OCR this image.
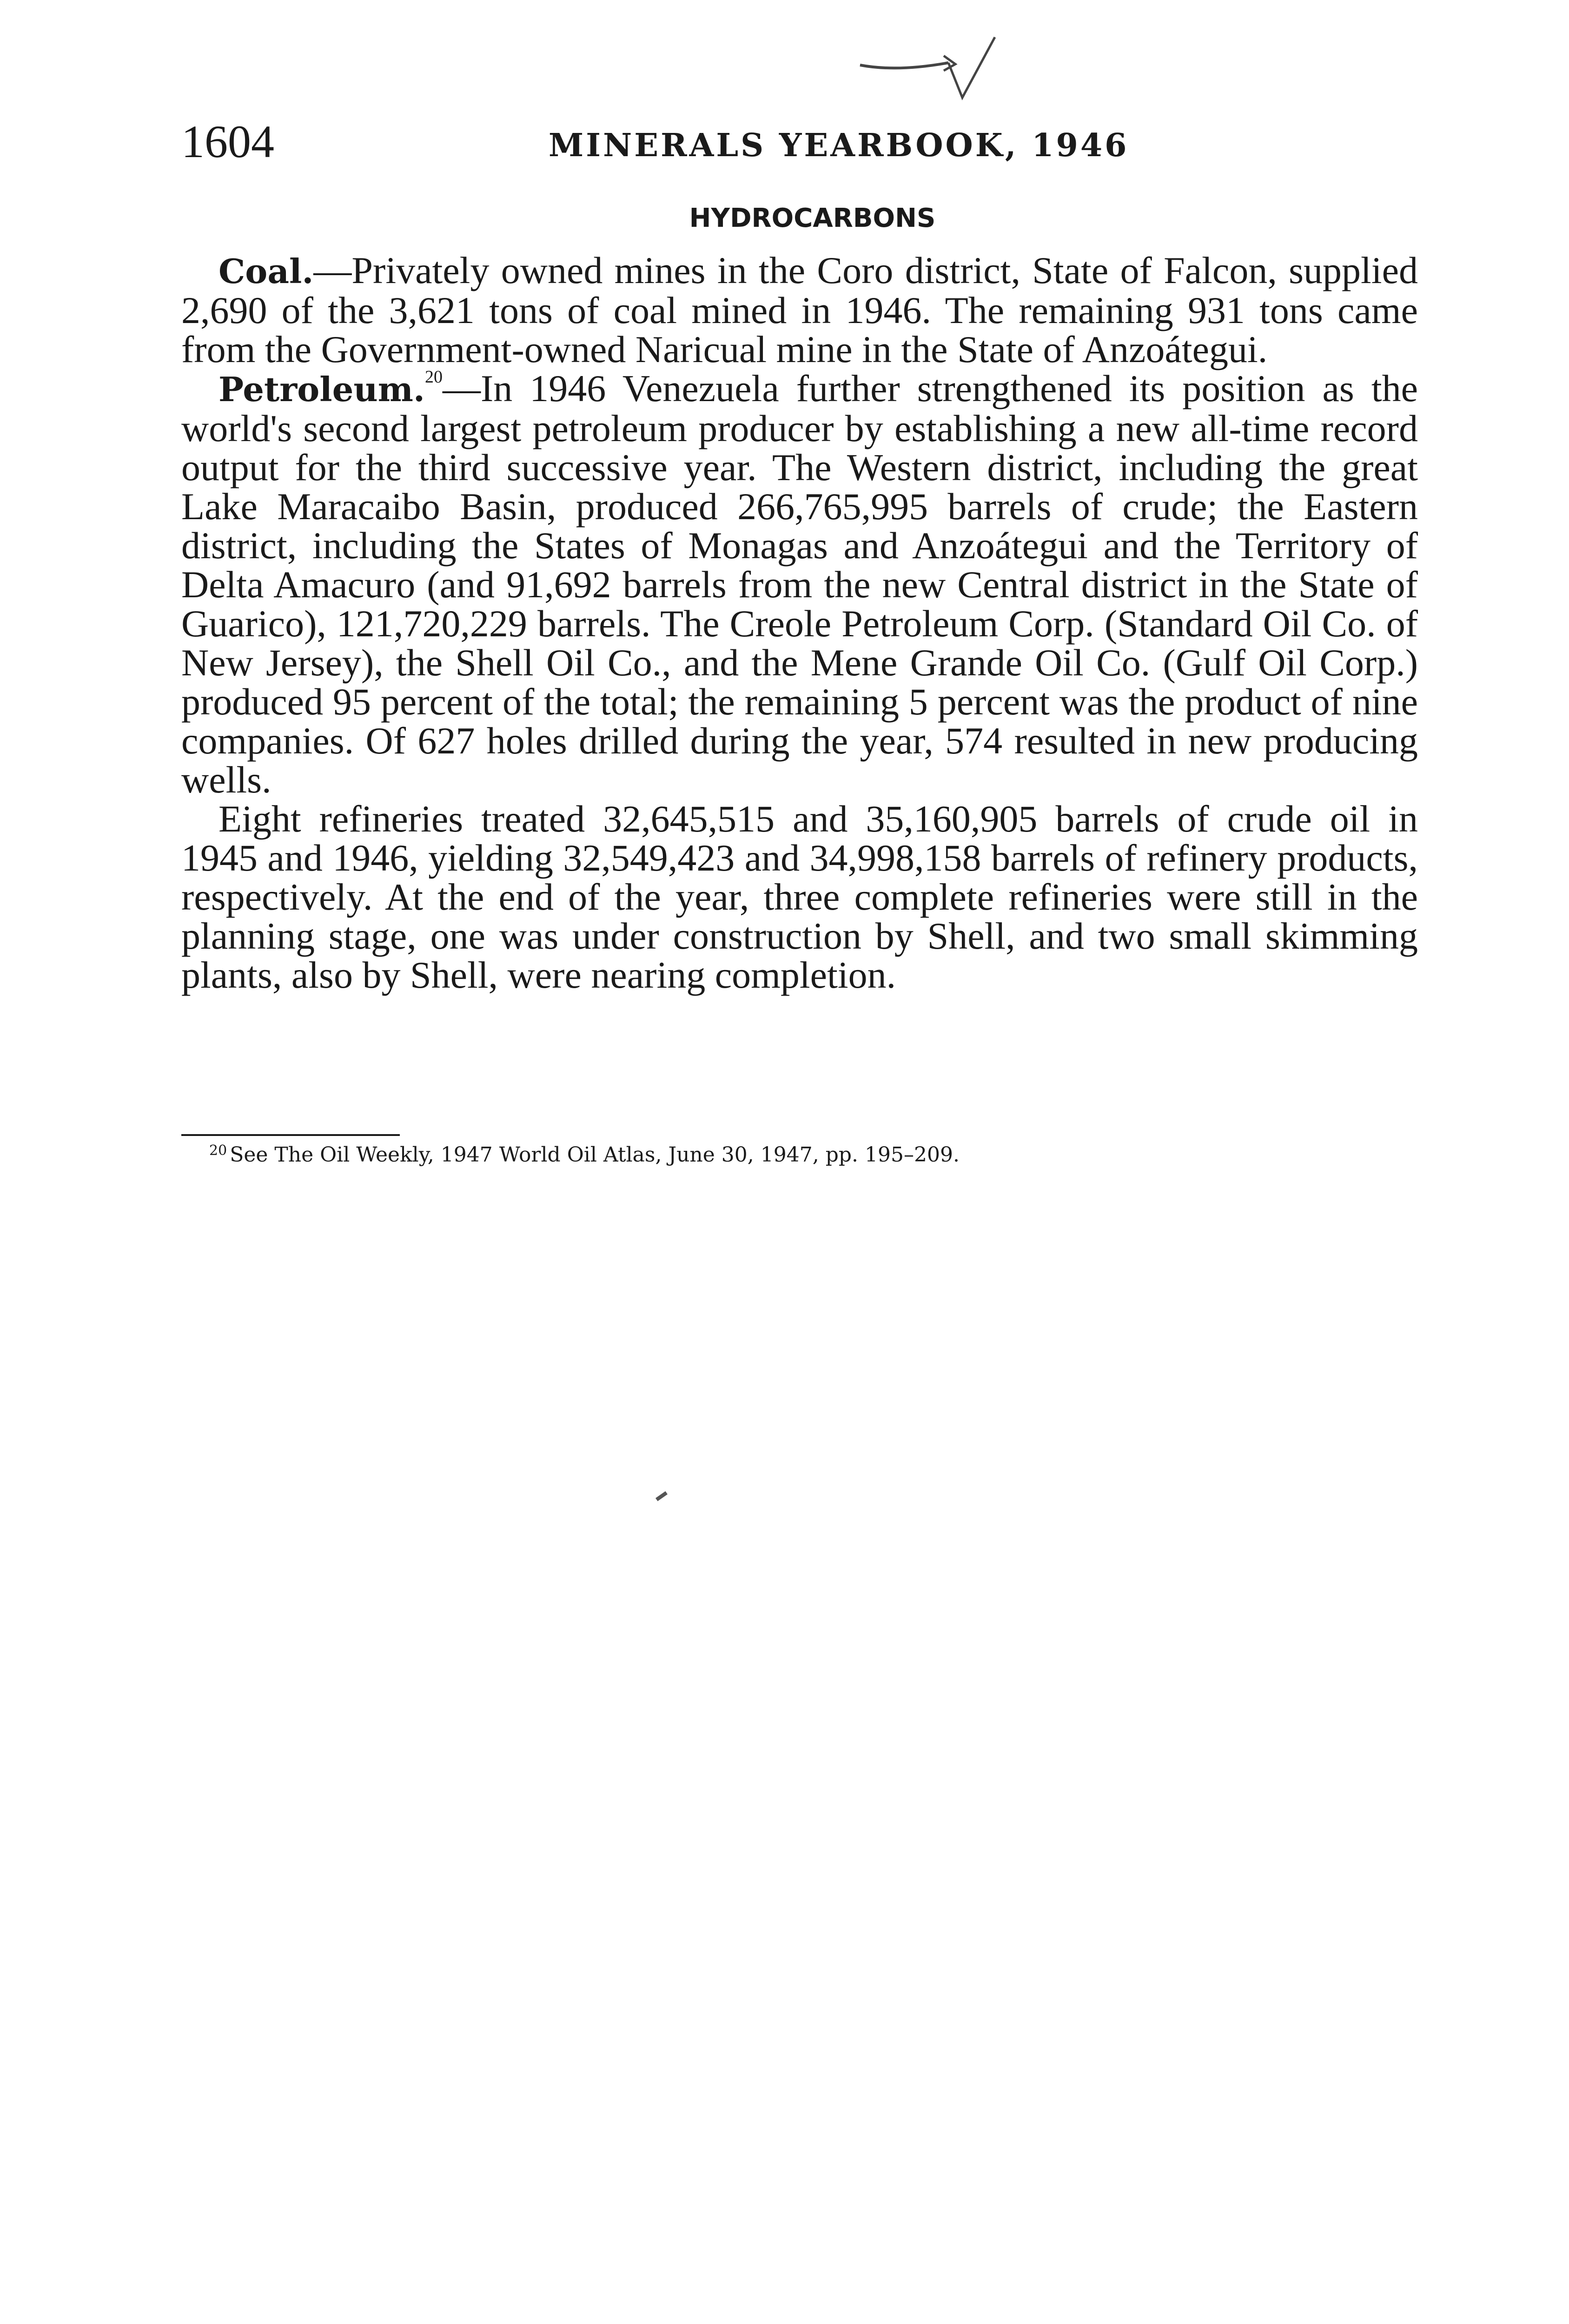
1604	MINERALS YEARBOOK, 1946
HYDROCARBONS

Coal.—Privately owned mines in the Coro district, State of Falcon, supplied 2,690 of the 3,621 tons of coal mined in 1946. The remaining 931 tons came from the Government-owned Naricual mine in the State of Anzoátegui.

Petroleum.$^{20}$—In 1946 Venezuela further strengthened its position as the world's second largest petroleum producer by establishing a new all-time record output for the third successive year. The Western district, including the great Lake Maracaibo Basin, produced 266,765,995 barrels of crude; the Eastern district, including the States of Monagas and Anzoátegui and the Territory of Delta Amacuro (and 91,692 barrels from the new Central district in the State of Guarico), 121,720,229 barrels. The Creole Petroleum Corp. (Standard Oil Co. of New Jersey), the Shell Oil Co., and the Mene Grande Oil Co. (Gulf Oil Corp.) produced 95 percent of the total; the remaining 5 percent was the product of nine companies. Of 627 holes drilled during the year, 574 resulted in new producing wells.

Eight refineries treated 32,645,515 and 35,160,905 barrels of crude oil in 1945 and 1946, yielding 32,549,423 and 34,998,158 barrels of refinery products, respectively. At the end of the year, three complete refineries were still in the planning stage, one was under construction by Shell, and two small skimming plants, also by Shell, were nearing completion.

$^{20}$ See The Oil Weekly, 1947 World Oil Atlas, June 30, 1947, pp. 195–209.
